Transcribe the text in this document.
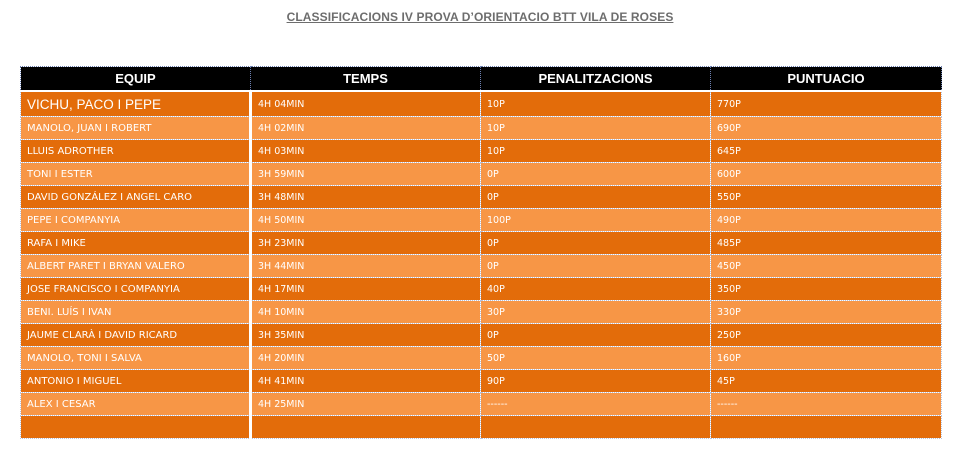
CLASSIFICACIONS IV PROVA D’ORIENTACIO BTT VILA DE ROSES
EQUIP	TEMPS	PENALITZACIONS	PUNTUACIO
VICHU, PACO I PEPE	4H 04MIN	10P	770P
MANOLO, JUAN I ROBERT	4H 02MIN	10P	690P
LLUIS ADROTHER	4H 03MIN	10P	645P
TONI I ESTER	3H 59MIN	0P	600P
DAVID GONZÁLEZ I ANGEL CARO	3H 48MIN	0P	550P
PEPE I COMPANYIA	4H 50MIN	100P	490P
RAFA I MIKE	3H 23MIN	0P	485P
ALBERT PARET I BRYAN VALERO	3H 44MIN	0P	450P
JOSE FRANCISCO I COMPANYIA	4H 17MIN	40P	350P
BENI. LUÍS I IVAN	4H 10MIN	30P	330P
JAUME CLARÀ I DAVID RICARD	3H 35MIN	0P	250P
MANOLO, TONI I SALVA	4H 20MIN	50P	160P
ANTONIO I MIGUEL	4H 41MIN	90P	45P
ALEX I CESAR	4H 25MIN	------	------
